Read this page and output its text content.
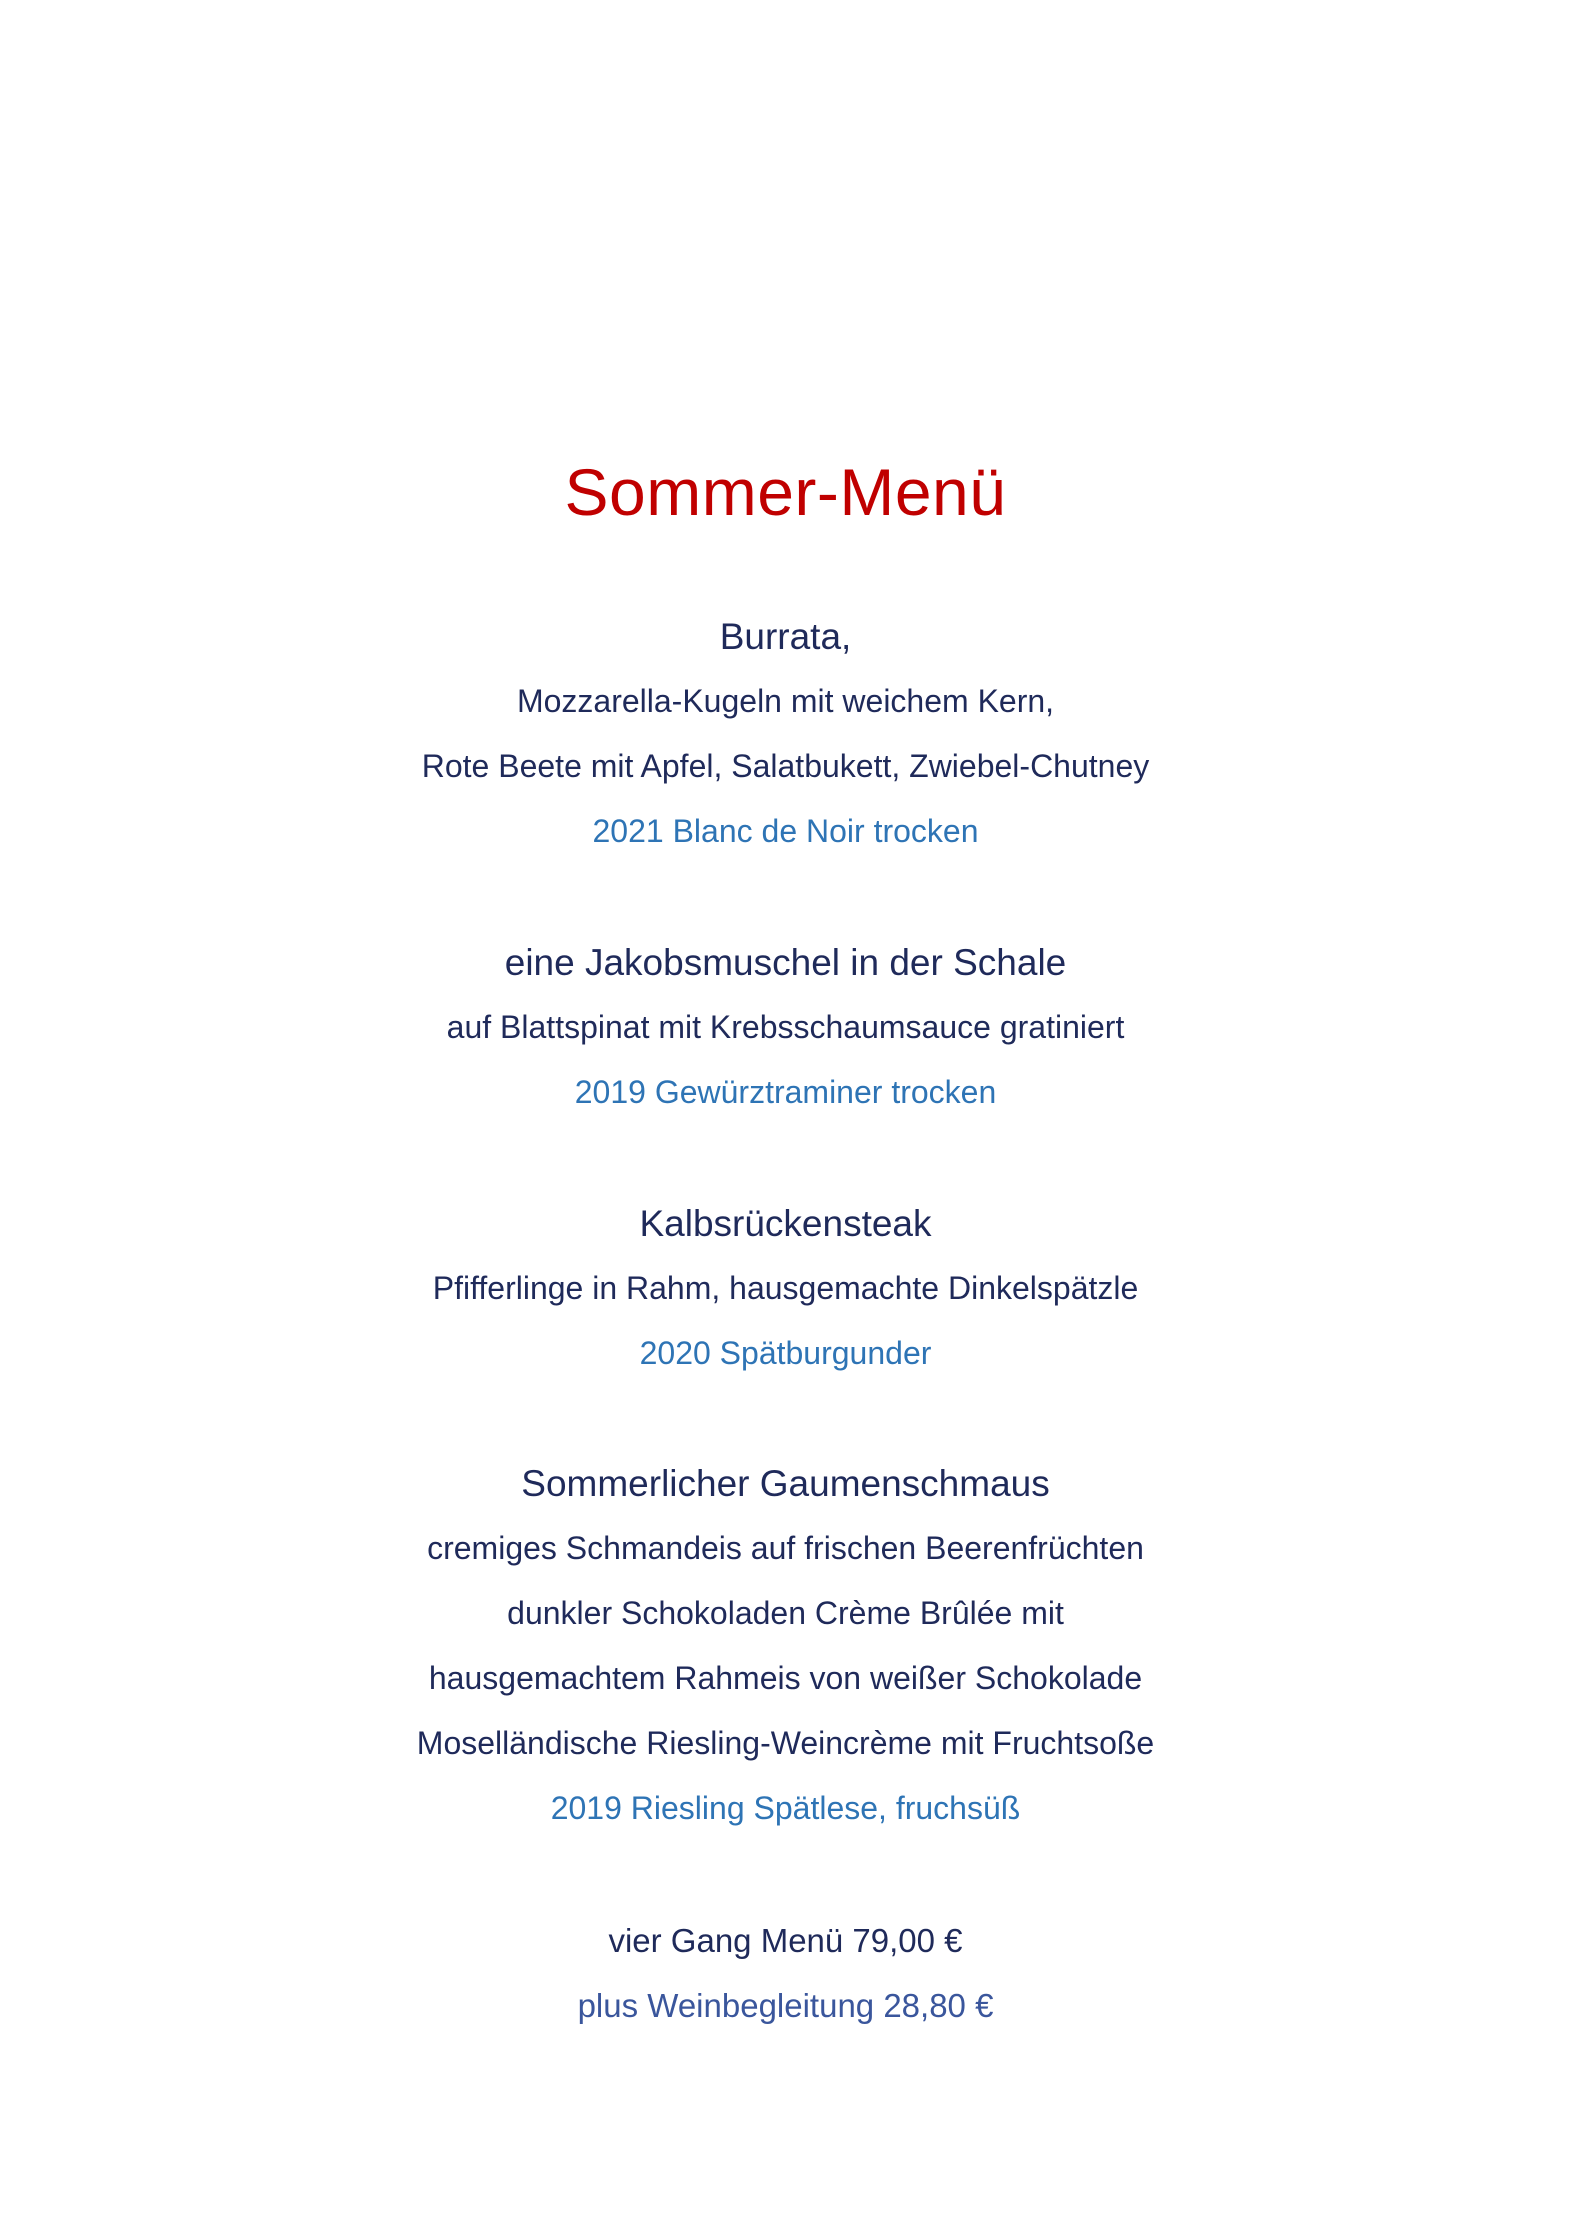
Sommer-Menü
Burrata,
Mozzarella-Kugeln mit weichem Kern,
Rote Beete mit Apfel, Salatbukett, Zwiebel-Chutney
2021 Blanc de Noir trocken
eine Jakobsmuschel in der Schale
auf Blattspinat mit Krebsschaumsauce gratiniert
2019 Gewürztraminer trocken
Kalbsrückensteak
Pfifferlinge in Rahm, hausgemachte Dinkelspätzle
2020 Spätburgunder
Sommerlicher Gaumenschmaus
cremiges Schmandeis auf frischen Beerenfrüchten
dunkler Schokoladen Crème Brûlée mit
hausgemachtem Rahmeis von weißer Schokolade
Moselländische Riesling-Weincrème mit Fruchtsoße
2019 Riesling Spätlese, fruchsüß
vier Gang Menü 79,00 €
plus Weinbegleitung 28,80 €
